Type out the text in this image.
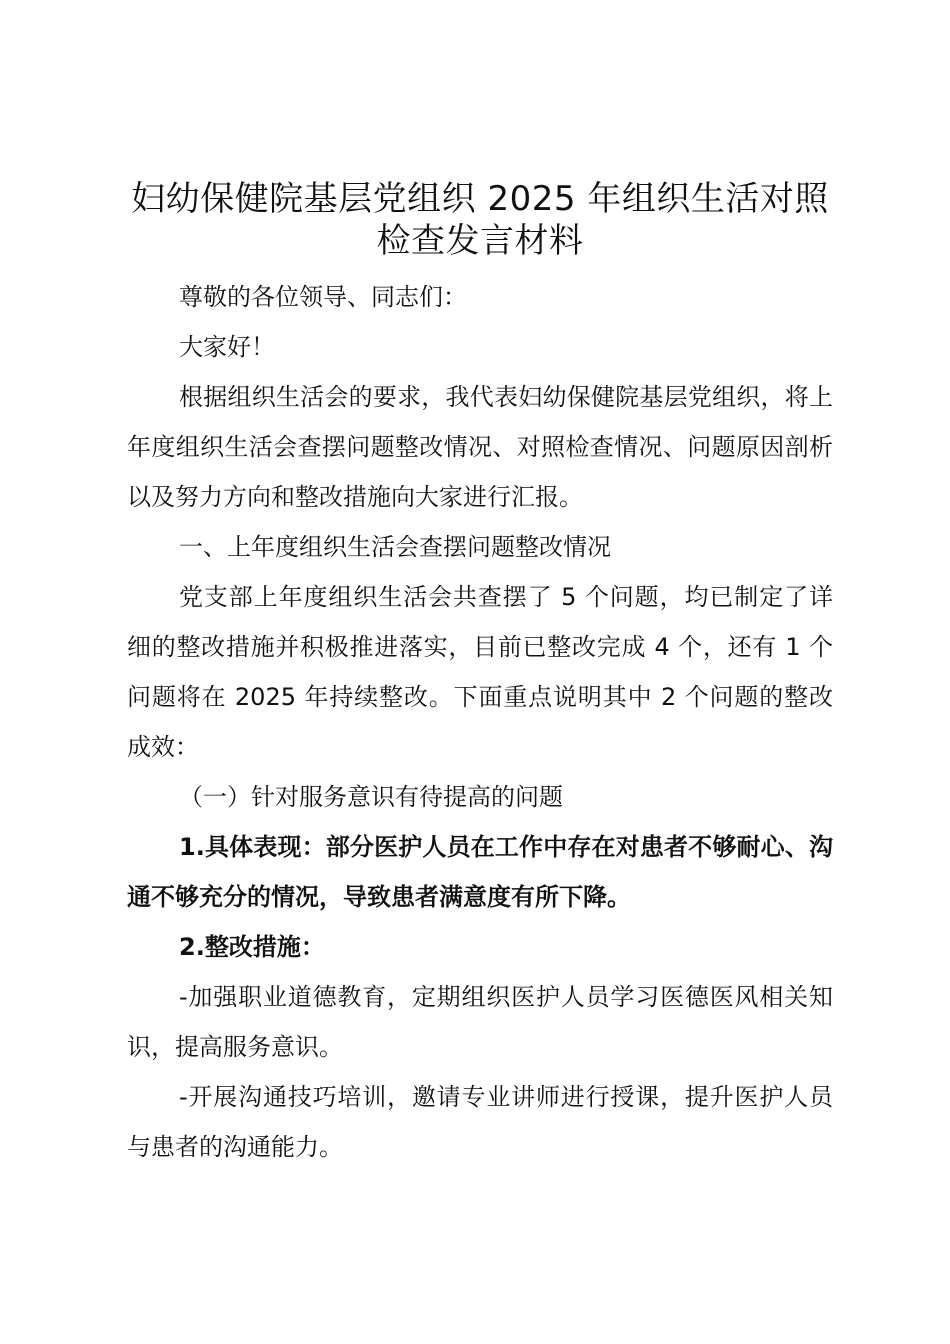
妇幼保健院基层党组织 2025 年组织生活对照
检查发言材料

尊敬的各位领导、同志们：

大家好！

根据组织生活会的要求，我代表妇幼保健院基层党组织，将上年度组织生活会查摆问题整改情况、对照检查情况、问题原因剖析以及努力方向和整改措施向大家进行汇报。

一、上年度组织生活会查摆问题整改情况

党支部上年度组织生活会共查摆了 5 个问题，均已制定了详细的整改措施并积极推进落实，目前已整改完成 4 个，还有 1 个问题将在 2025 年持续整改。下面重点说明其中 2 个问题的整改成效：

（一）针对服务意识有待提高的问题

1.具体表现：部分医护人员在工作中存在对患者不够耐心、沟通不够充分的情况，导致患者满意度有所下降。

2.整改措施：

-加强职业道德教育，定期组织医护人员学习医德医风相关知识，提高服务意识。

-开展沟通技巧培训，邀请专业讲师进行授课，提升医护人员与患者的沟通能力。
